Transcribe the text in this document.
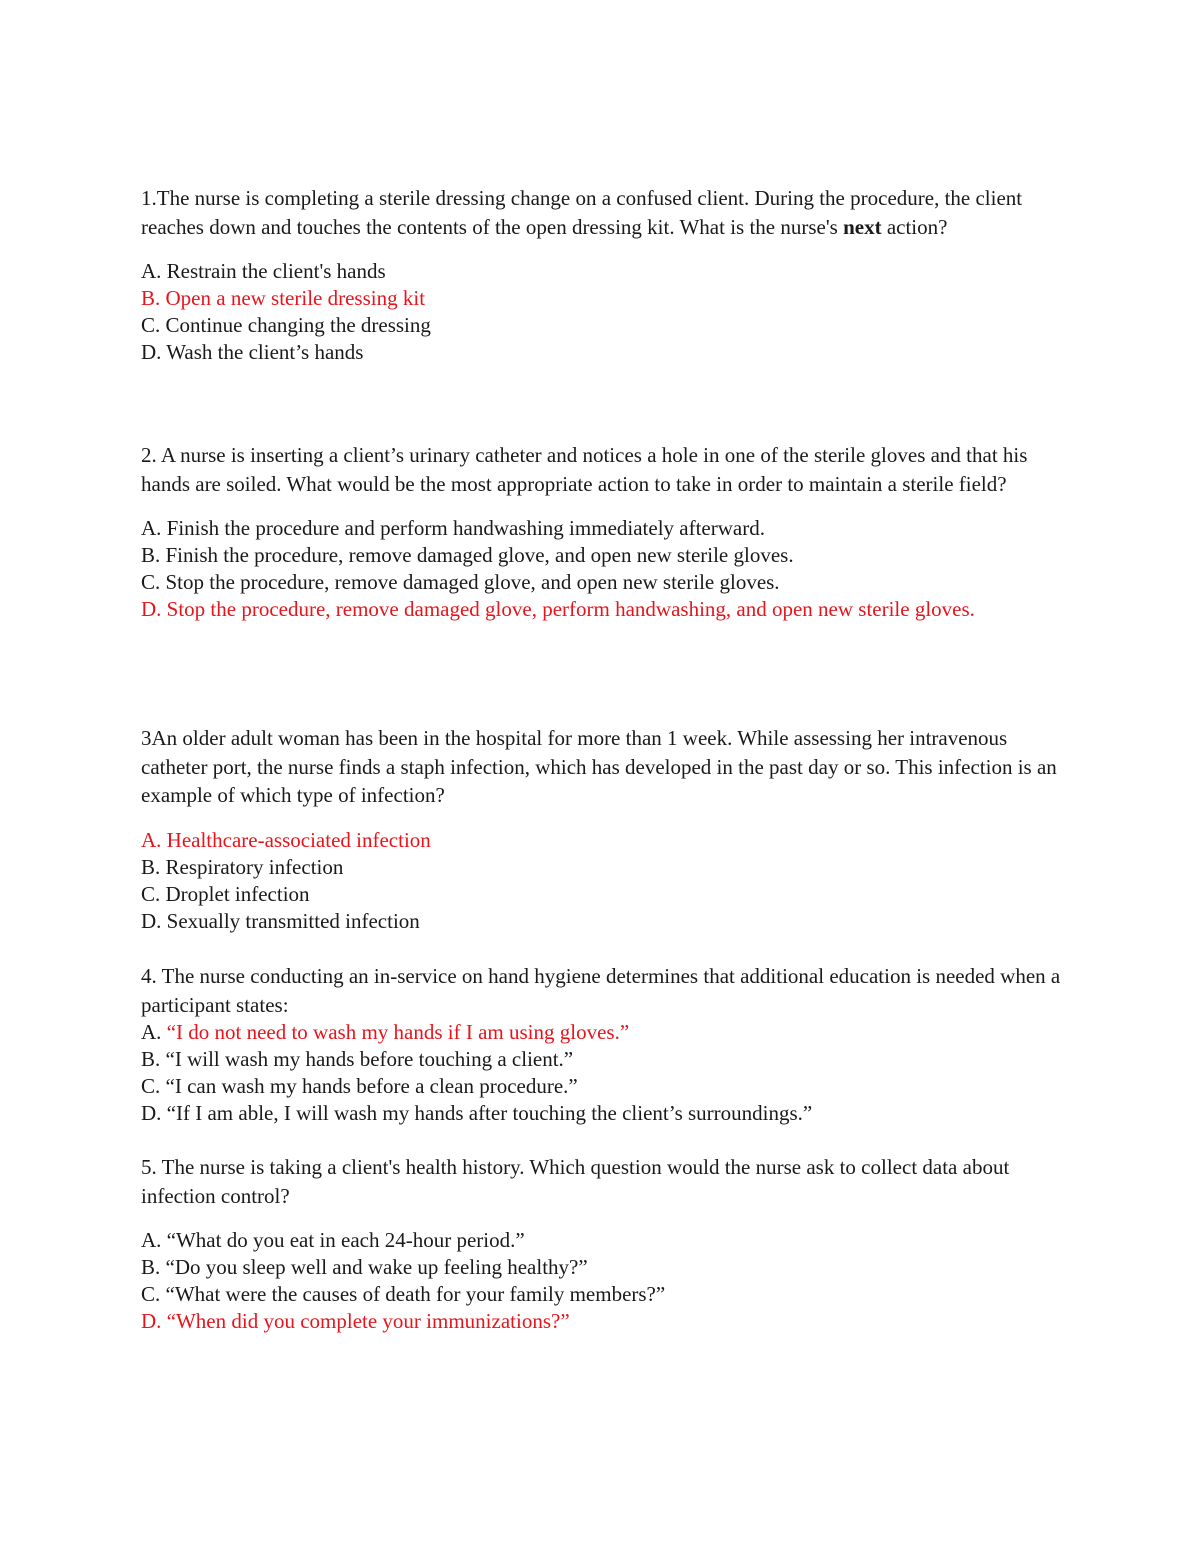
1.The nurse is completing a sterile dressing change on a confused client. During the procedure, the client reaches down and touches the contents of the open dressing kit. What is the nurse's next action?

A. Restrain the client's hands

B. Open a new sterile dressing kit

C. Continue changing the dressing

D. Wash the client’s hands

2. A nurse is inserting a client’s urinary catheter and notices a hole in one of the sterile gloves and that his hands are soiled. What would be the most appropriate action to take in order to maintain a sterile field?

A. Finish the procedure and perform handwashing immediately afterward.

B. Finish the procedure, remove damaged glove, and open new sterile gloves.

C. Stop the procedure, remove damaged glove, and open new sterile gloves.

D. Stop the procedure, remove damaged glove, perform handwashing, and open new sterile gloves.

3An older adult woman has been in the hospital for more than 1 week. While assessing her intravenous catheter port, the nurse finds a staph infection, which has developed in the past day or so. This infection is an example of which type of infection?

A. Healthcare-associated infection

B. Respiratory infection

C. Droplet infection

D. Sexually transmitted infection

4. The nurse conducting an in-service on hand hygiene determines that additional education is needed when a participant states:

A. “I do not need to wash my hands if I am using gloves.”

B. “I will wash my hands before touching a client.”

C. “I can wash my hands before a clean procedure.”

D. “If I am able, I will wash my hands after touching the client’s surroundings.”

5. The nurse is taking a client's health history. Which question would the nurse ask to collect data about infection control?

A. “What do you eat in each 24-hour period.”

B. “Do you sleep well and wake up feeling healthy?”

C. “What were the causes of death for your family members?”

D. “When did you complete your immunizations?”
